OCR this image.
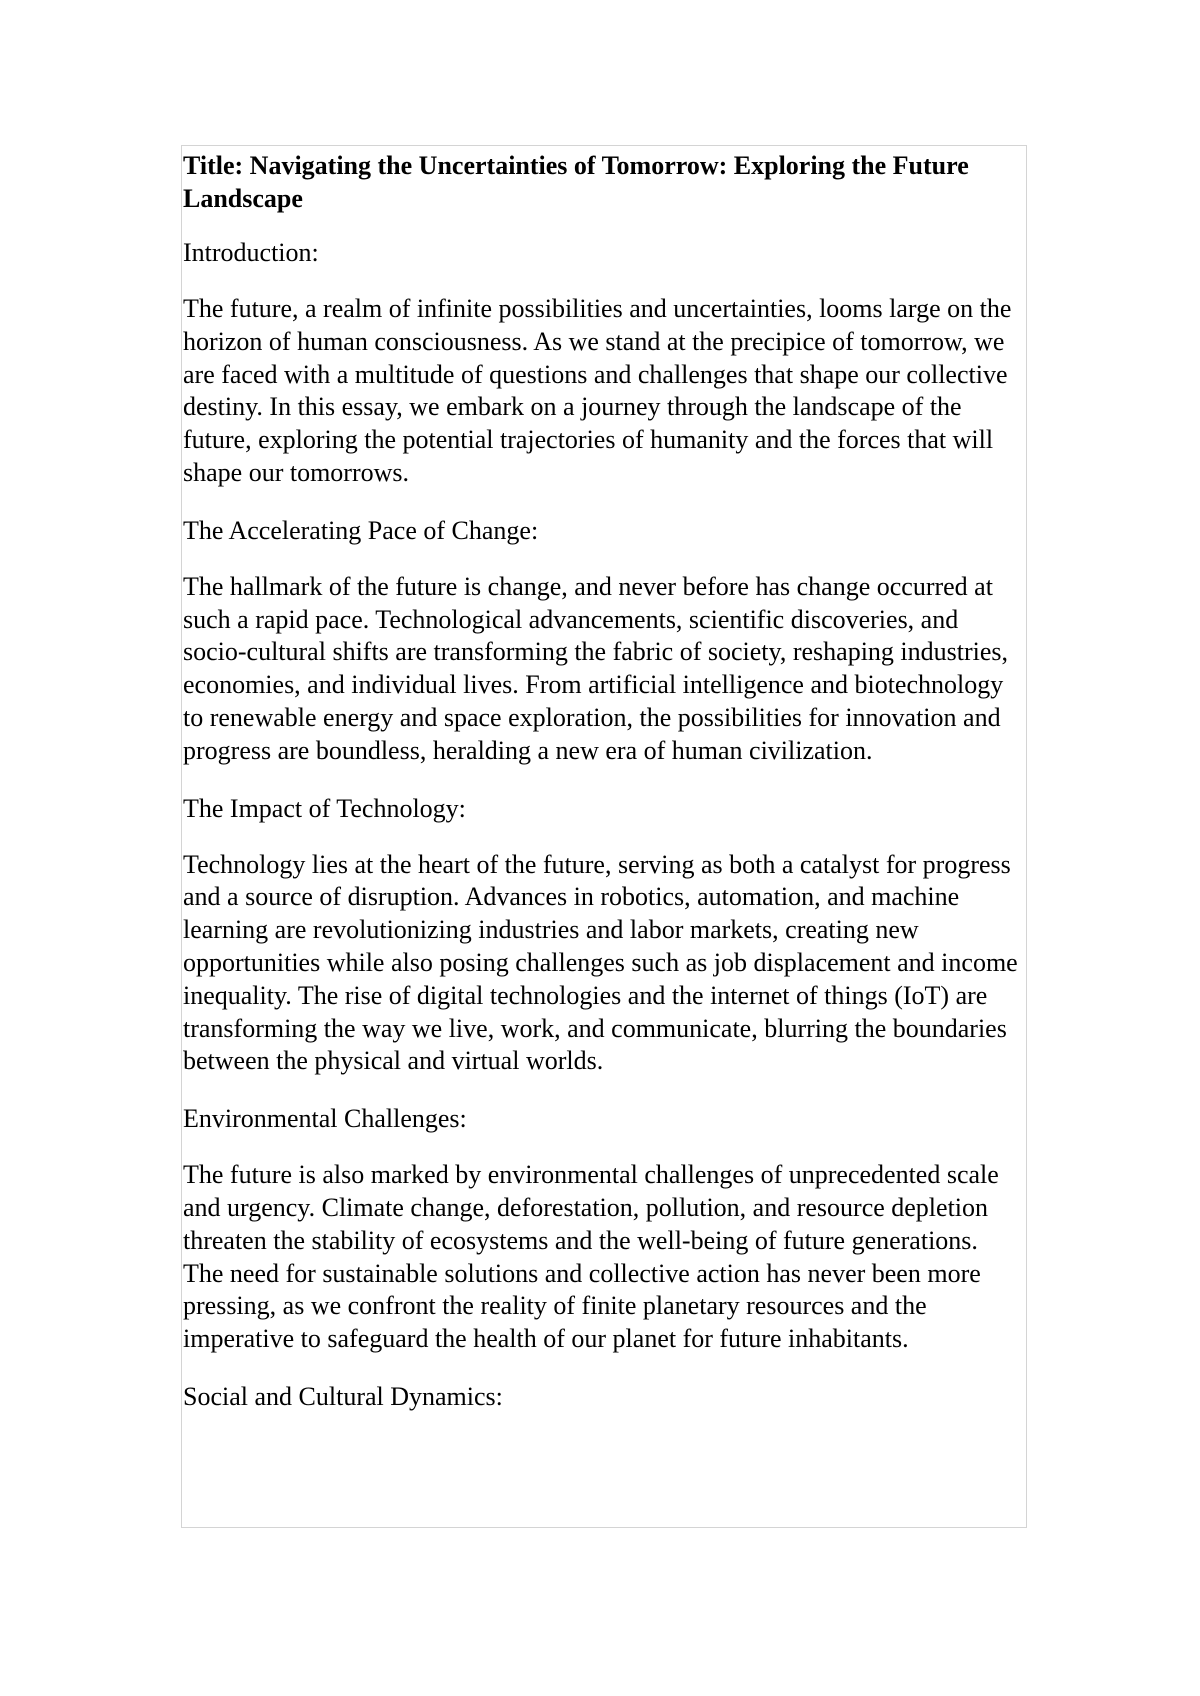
Title: Navigating the Uncertainties of Tomorrow: Exploring the Future Landscape
Introduction:
The future, a realm of infinite possibilities and uncertainties, looms large on the horizon of human consciousness. As we stand at the precipice of tomorrow, we are faced with a multitude of questions and challenges that shape our collective destiny. In this essay, we embark on a journey through the landscape of the future, exploring the potential trajectories of humanity and the forces that will shape our tomorrows.
The Accelerating Pace of Change:
The hallmark of the future is change, and never before has change occurred at such a rapid pace. Technological advancements, scientific discoveries, and socio-cultural shifts are transforming the fabric of society, reshaping industries, economies, and individual lives. From artificial intelligence and biotechnology to renewable energy and space exploration, the possibilities for innovation and progress are boundless, heralding a new era of human civilization.
The Impact of Technology:
Technology lies at the heart of the future, serving as both a catalyst for progress and a source of disruption. Advances in robotics, automation, and machine learning are revolutionizing industries and labor markets, creating new opportunities while also posing challenges such as job displacement and income inequality. The rise of digital technologies and the internet of things (IoT) are transforming the way we live, work, and communicate, blurring the boundaries between the physical and virtual worlds.
Environmental Challenges:
The future is also marked by environmental challenges of unprecedented scale and urgency. Climate change, deforestation, pollution, and resource depletion threaten the stability of ecosystems and the well-being of future generations. The need for sustainable solutions and collective action has never been more pressing, as we confront the reality of finite planetary resources and the imperative to safeguard the health of our planet for future inhabitants.
Social and Cultural Dynamics:
